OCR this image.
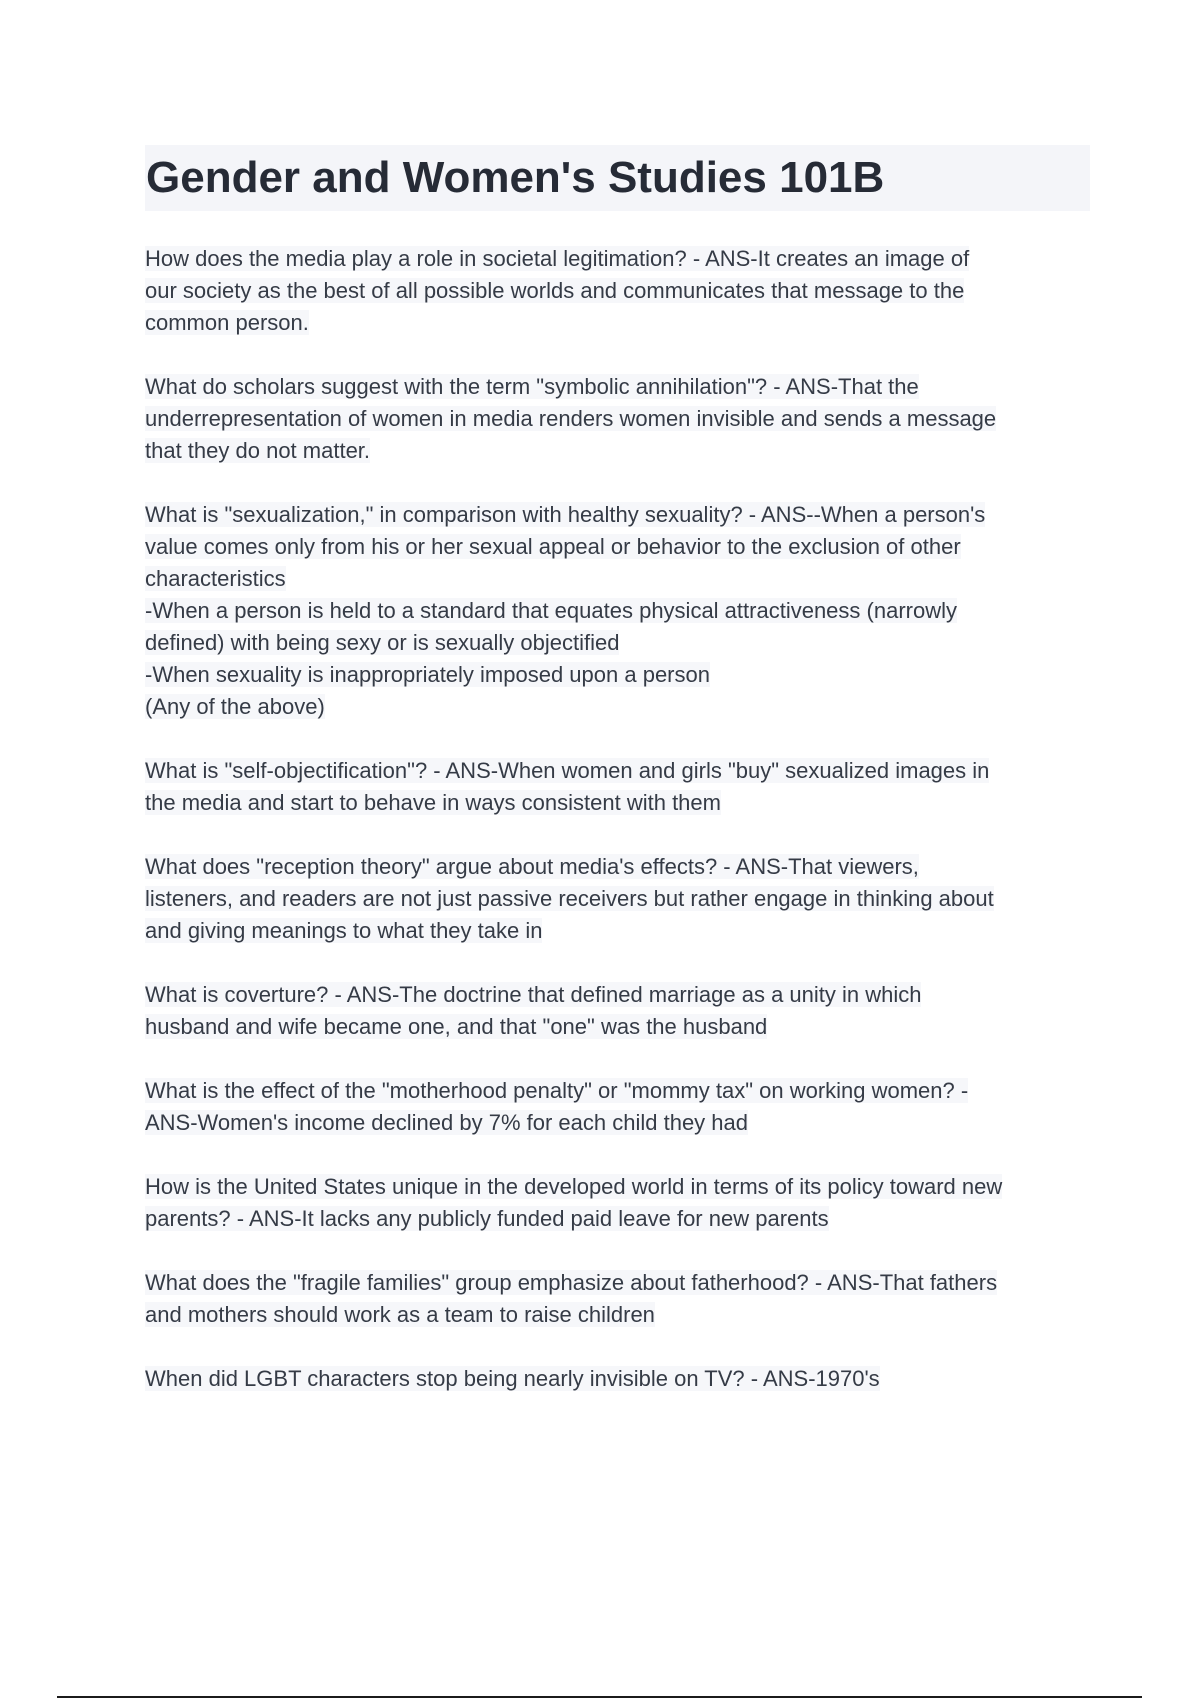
Gender and Women's Studies 101B
How does the media play a role in societal legitimation? - ANS-It creates an image of
our society as the best of all possible worlds and communicates that message to the
common person.
What do scholars suggest with the term "symbolic annihilation"? - ANS-That the
underrepresentation of women in media renders women invisible and sends a message
that they do not matter.
What is "sexualization," in comparison with healthy sexuality? - ANS--When a person's
value comes only from his or her sexual appeal or behavior to the exclusion of other
characteristics
-When a person is held to a standard that equates physical attractiveness (narrowly
defined) with being sexy or is sexually objectified
-When sexuality is inappropriately imposed upon a person
(Any of the above)
What is "self-objectification"? - ANS-When women and girls "buy" sexualized images in
the media and start to behave in ways consistent with them
What does "reception theory" argue about media's effects? - ANS-That viewers,
listeners, and readers are not just passive receivers but rather engage in thinking about
and giving meanings to what they take in
What is coverture? - ANS-The doctrine that defined marriage as a unity in which
husband and wife became one, and that "one" was the husband
What is the effect of the "motherhood penalty" or "mommy tax" on working women? -
ANS-Women's income declined by 7% for each child they had
How is the United States unique in the developed world in terms of its policy toward new
parents? - ANS-It lacks any publicly funded paid leave for new parents
What does the "fragile families" group emphasize about fatherhood? - ANS-That fathers
and mothers should work as a team to raise children
When did LGBT characters stop being nearly invisible on TV? - ANS-1970's
